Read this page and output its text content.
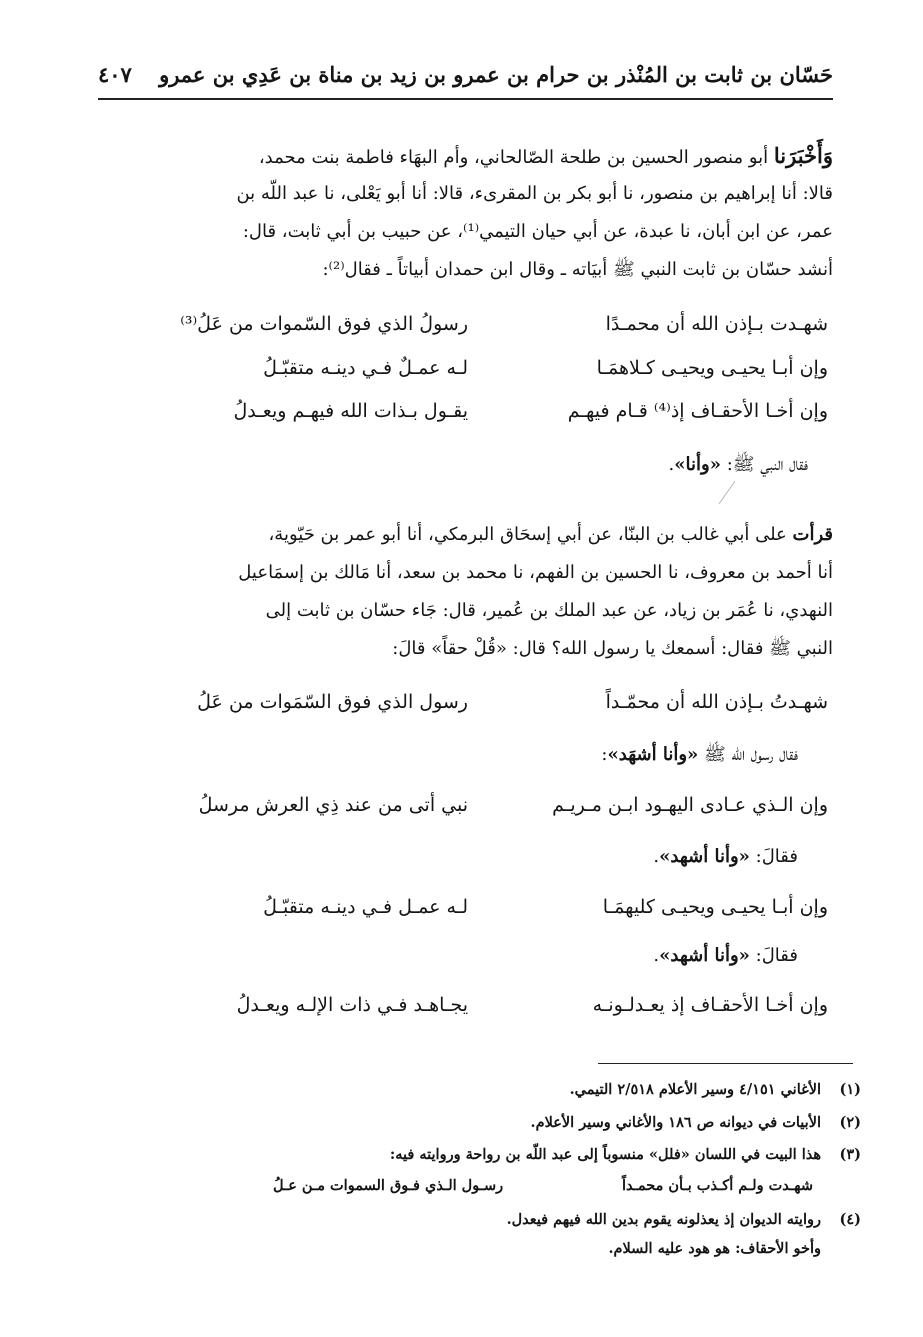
حَسّان بن ثابت بن المُنْذر بن حرام بن عمرو بن زيد بن مناة بن عَدِي بن عمرو
٤٠٧

وَأَخْبَرَنا أبو منصور الحسين بن طلحة الصّالحاني، وأم البهَاء فاطمة بنت محمد،

قالا: أنا إبراهيم بن منصور، نا أبو بكر بن المقرىء، قالا: أنا أبو يَعْلى، نا عبد اللّه بن

عمر، عن ابن أبان، نا عبدة، عن أبي حيان التيمي⁽¹⁾، عن حبيب بن أبي ثابت، قال:

أنشد حسّان بن ثابت النبي ﷺ أبيَاته ـ وقال ابن حمدان أبياتاً ـ فقال⁽²⁾:

شهـدت بـإذن الله أن محمـدًا
رسولُ الذي فوق السّموات من عَلُ⁽³⁾
وإن أبـا يحيـى ويحيـى كـلاهمَـا
لـه عمـلٌ فـي دينـه متقبّـلُ
وإن أخـا الأحقـاف إذ⁽⁴⁾ قـام فيهـم
يقـول بـذات الله فيهـم ويعـدلُ
فقال النبي ﷺ: «وأنا».

قرأت على أبي غالب بن البنّا، عن أبي إسحَاق البرمكي، أنا أبو عمر بن حَيّوية،

أنا أحمد بن معروف، نا الحسين بن الفهم، نا محمد بن سعد، أنا مَالك بن إسمَاعيل

النهدي، نا عُمَر بن زياد، عن عبد الملك بن عُمير، قال: جَاء حسّان بن ثابت إلى

النبي ﷺ فقال: أسمعك يا رسول الله؟ قال: «قُلْ حقاً» قالَ:

شهـدتُ بـإذن الله أن محمّـداً
رسول الذي فوق السّمَوات من عَلُ
فقال رسول الله ﷺ «وأنا أشهَد»:
وإن الـذي عـادى اليهـود ابـن مـريـم
نبي أتى من عند ذِي العرش مرسلُ
فقالَ: «وأنا أشهد».
وإن أبـا يحيـى ويحيـى كليهمَـا
لـه عمـل فـي دينـه متقبّـلُ
فقالَ: «وأنا أشهد».
وإن أخـا الأحقـاف إذ يعـدلـونـه
يجـاهـد فـي ذات الإلـه ويعـدلُ
(١)الأغاني ٤/١٥١ وسير الأعلام ٢/٥١٨ التيمي.
(٢)الأبيات في ديوانه ص ١٨٦ والأغاني وسير الأعلام.
(٣)هذا البيت في اللسان «فلل» منسوباً إلى عبد اللّه بن رواحة وروايته فيه:
شهـدت ولـم أكـذب بـأن محمـداً
رسـول الـذي فـوق السموات مـن عـلُ
(٤)روايته الديوان إذ يعذلونه يقوم بدين الله فيهم فيعدل.
وأخو الأحقاف: هو هود عليه السلام.
